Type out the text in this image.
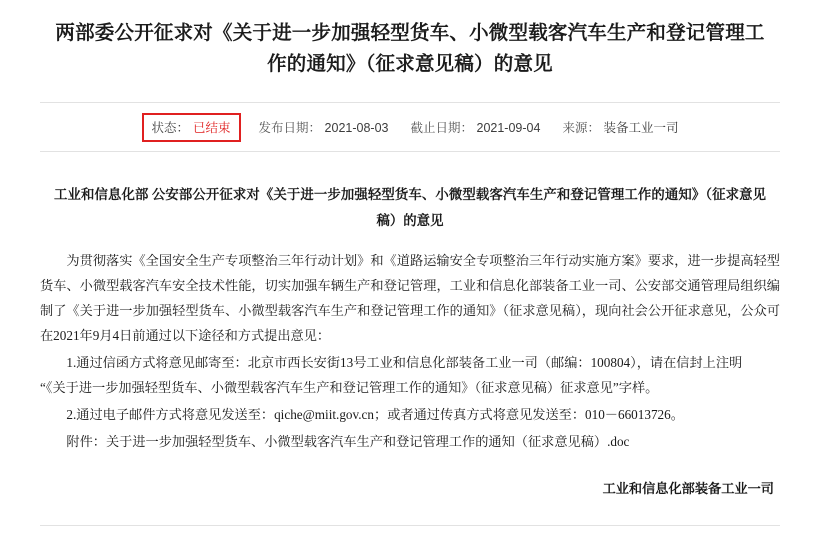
两部委公开征求对《关于进一步加强轻型货车、小微型载客汽车生产和登记管理工作的通知》（征求意见稿）的意见
状态： 已结束 发布日期： 2021-08-03 截止日期： 2021-09-04 来源： 装备工业一司
工业和信息化部 公安部公开征求对《关于进一步加强轻型货车、小微型载客汽车生产和登记管理工作的通知》（征求意见稿）的意见
为贯彻落实《全国安全生产专项整治三年行动计划》和《道路运输安全专项整治三年行动实施方案》要求，进一步提高轻型货车、小微型载客汽车安全技术性能，切实加强车辆生产和登记管理，工业和信息化部装备工业一司、公安部交通管理局组织编制了《关于进一步加强轻型货车、小微型载客汽车生产和登记管理工作的通知》（征求意见稿），现向社会公开征求意见，公众可在2021年9月4日前通过以下途径和方式提出意见：
1.通过信函方式将意见邮寄至：北京市西长安街13号工业和信息化部装备工业一司（邮编：100804），请在信封上注明
“《关于进一步加强轻型货车、小微型载客汽车生产和登记管理工作的通知》（征求意见稿）征求意见”字样。
2.通过电子邮件方式将意见发送至：qiche@miit.gov.cn；或者通过传真方式将意见发送至：010－66013726。
附件：关于进一步加强轻型货车、小微型载客汽车生产和登记管理工作的通知（征求意见稿）.doc
工业和信息化部装备工业一司
